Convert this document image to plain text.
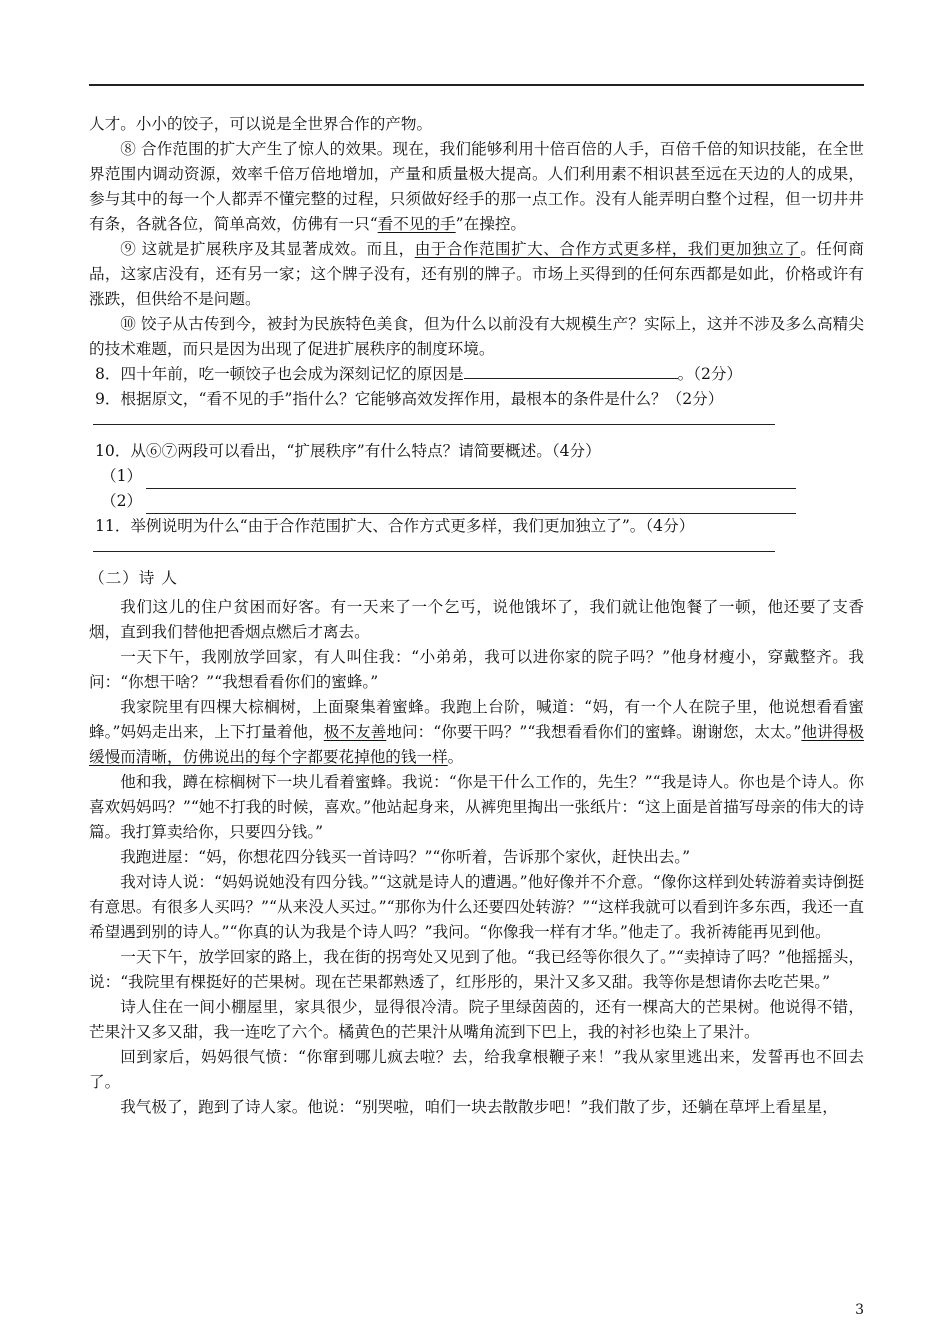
人才。小小的饺子，可以说是全世界合作的产物。

⑧ 合作范围的扩大产生了惊人的效果。现在，我们能够利用十倍百倍的人手，百倍千倍的知识技能，在全世界范围内调动资源，效率千倍万倍地增加，产量和质量极大提高。人们利用素不相识甚至远在天边的人的成果，参与其中的每一个人都弄不懂完整的过程，只须做好经手的那一点工作。没有人能弄明白整个过程，但一切井井有条，各就各位，简单高效，仿佛有一只“看不见的手”在操控。

⑨ 这就是扩展秩序及其显著成效。而且，由于合作范围扩大、合作方式更多样，我们更加独立了。任何商品，这家店没有，还有另一家；这个牌子没有，还有别的牌子。市场上买得到的任何东西都是如此，价格或许有涨跌，但供给不是问题。

⑩ 饺子从古传到今，被封为民族特色美食，但为什么以前没有大规模生产？实际上，这并不涉及多么高精尖的技术难题，而只是因为出现了促进扩展秩序的制度环境。

8．四十年前，吃一顿饺子也会成为深刻记忆的原因是	。（2分）

9．根据原文，“看不见的手”指什么？它能够高效发挥作用，最根本的条件是什么？（2分）

10．从⑥⑦两段可以看出，“扩展秩序”有什么特点？请简要概述。（4分）

（1）
（2）

11．举例说明为什么“由于合作范围扩大、合作方式更多样，我们更加独立了”。（4分）

（二）诗 人

我们这儿的住户贫困而好客。有一天来了一个乞丐，说他饿坏了，我们就让他饱餐了一顿，他还要了支香烟，直到我们替他把香烟点燃后才离去。

一天下午，我刚放学回家，有人叫住我：“小弟弟，我可以进你家的院子吗？”他身材瘦小，穿戴整齐。我问：“你想干啥？”“我想看看你们的蜜蜂。”

我家院里有四棵大棕榈树，上面聚集着蜜蜂。我跑上台阶，喊道：“妈，有一个人在院子里，他说想看看蜜蜂。”妈妈走出来，上下打量着他，极不友善地问：“你要干吗？”“我想看看你们的蜜蜂。谢谢您，太太。”他讲得极缓慢而清晰，仿佛说出的每个字都要花掉他的钱一样。

他和我，蹲在棕榈树下一块儿看着蜜蜂。我说：“你是干什么工作的，先生？”“我是诗人。你也是个诗人。你喜欢妈妈吗？”“她不打我的时候，喜欢。”他站起身来，从裤兜里掏出一张纸片：“这上面是首描写母亲的伟大的诗篇。我打算卖给你，只要四分钱。”

我跑进屋：“妈，你想花四分钱买一首诗吗？”“你听着，告诉那个家伙，赶快出去。”

我对诗人说：“妈妈说她没有四分钱。”“这就是诗人的遭遇。”他好像并不介意。“像你这样到处转游着卖诗倒挺有意思。有很多人买吗？”“从来没人买过。”“那你为什么还要四处转游？”“这样我就可以看到许多东西，我还一直希望遇到别的诗人。”“你真的认为我是个诗人吗？”我问。“你像我一样有才华。”他走了。我祈祷能再见到他。

一天下午，放学回家的路上，我在街的拐弯处又见到了他。“我已经等你很久了。”“卖掉诗了吗？”他摇摇头，说：“我院里有棵挺好的芒果树。现在芒果都熟透了，红彤彤的，果汁又多又甜。我等你是想请你去吃芒果。”

诗人住在一间小棚屋里，家具很少，显得很冷清。院子里绿茵茵的，还有一棵高大的芒果树。他说得不错，芒果汁又多又甜，我一连吃了六个。橘黄色的芒果汁从嘴角流到下巴上，我的衬衫也染上了果汁。

回到家后，妈妈很气愤：“你窜到哪儿疯去啦？去，给我拿根鞭子来！”我从家里逃出来，发誓再也不回去了。

我气极了，跑到了诗人家。他说：“别哭啦，咱们一块去散散步吧！”我们散了步，还躺在草坪上看星星，

3
